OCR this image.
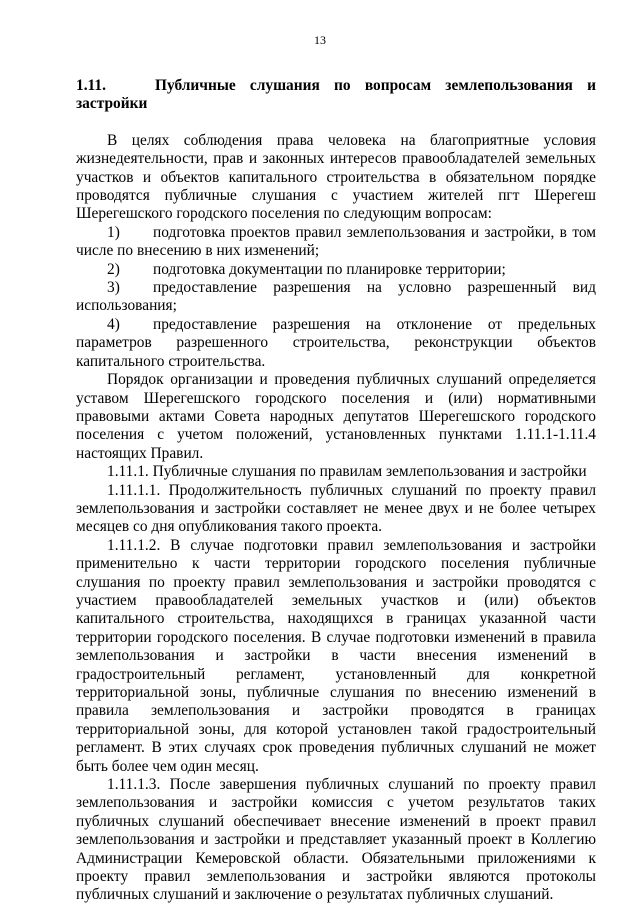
13

1.11.	Публичные слушания по вопросам землепользования и застройки

В целях соблюдения права человека на благоприятные условия жизнедеятельности, прав и законных интересов правообладателей земельных участков и объектов капитального строительства в обязательном порядке проводятся публичные слушания с участием жителей пгт Шерегеш Шерегешского городского поселения по следующим вопросам:

1) подготовка проектов правил землепользования и застройки, в том числе по внесению в них изменений;

2) подготовка документации по планировке территории;

3) предоставление разрешения на условно разрешенный вид использования;

4) предоставление разрешения на отклонение от предельных параметров разрешенного строительства, реконструкции объектов капитального строительства.

Порядок организации и проведения публичных слушаний определяется уставом Шерегешского городского поселения и (или) нормативными правовыми актами Совета народных депутатов Шерегешского городского поселения с учетом положений, установленных пунктами 1.11.1-1.11.4 настоящих Правил.

1.11.1. Публичные слушания по правилам землепользования и застройки

1.11.1.1. Продолжительность публичных слушаний по проекту правил землепользования и застройки составляет не менее двух и не более четырех месяцев со дня опубликования такого проекта.

1.11.1.2. В случае подготовки правил землепользования и застройки применительно к части территории городского поселения публичные слушания по проекту правил землепользования и застройки проводятся с участием правообладателей земельных участков и (или) объектов капитального строительства, находящихся в границах указанной части территории городского поселения. В случае подготовки изменений в правила землепользования и застройки в части внесения изменений в градостроительный регламент, установленный для конкретной территориальной зоны, публичные слушания по внесению изменений в правила землепользования и застройки проводятся в границах территориальной зоны, для которой установлен такой градостроительный регламент. В этих случаях срок проведения публичных слушаний не может быть более чем один месяц.

1.11.1.3. После завершения публичных слушаний по проекту правил землепользования и застройки комиссия с учетом результатов таких публичных слушаний обеспечивает внесение изменений в проект правил землепользования и застройки и представляет указанный проект в Коллегию Администрации Кемеровской области. Обязательными приложениями к проекту правил землепользования и застройки являются протоколы публичных слушаний и заключение о результатах публичных слушаний.
